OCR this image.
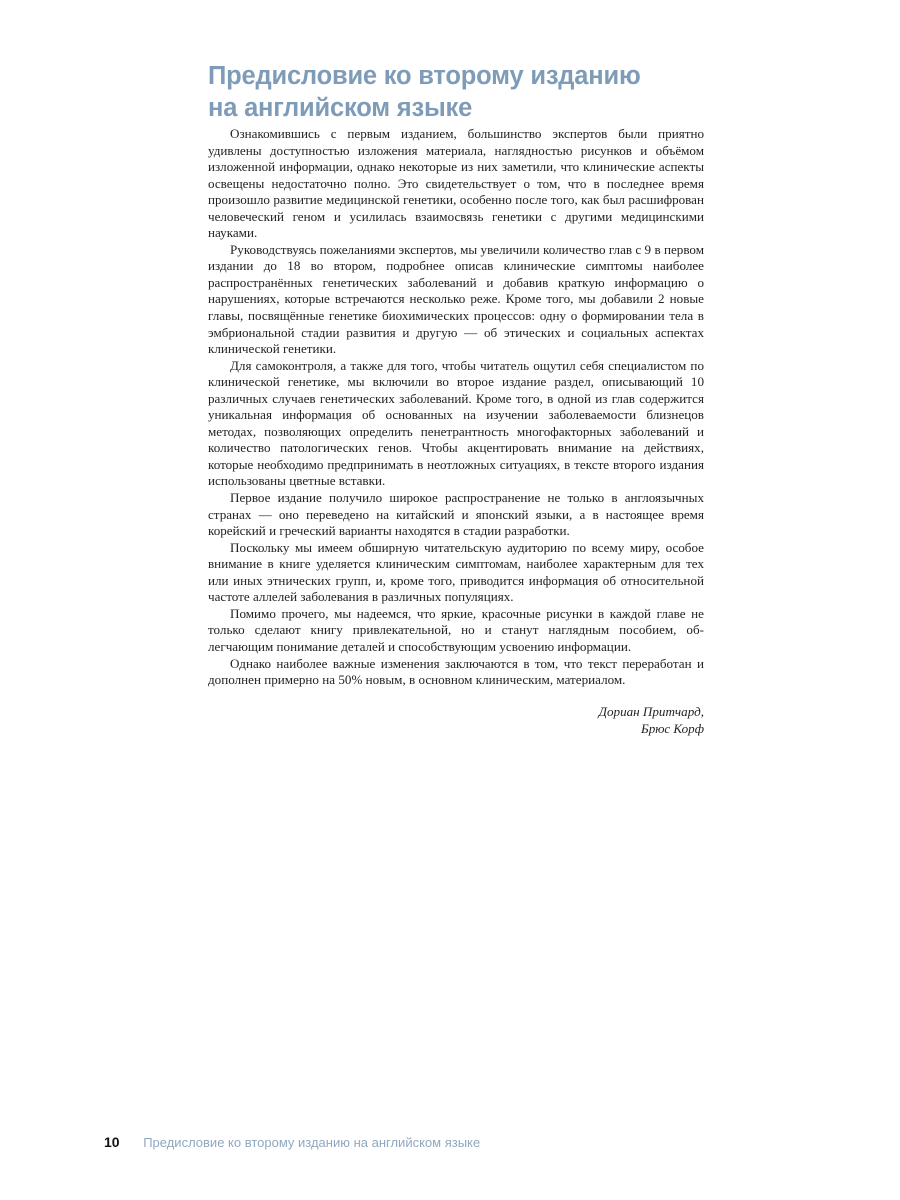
Предисловие ко второму изданию
на английском языке

Ознакомившись с первым изданием, большинство экспертов были приятно удивлены доступностью изложения материала, наглядностью рисунков и объёмом изложенной информации, однако некоторые из них заметили, что клинические аспекты освещены недостаточно полно. Это свидетельствует о том, что в последнее время произошло развитие медицинской генетики, особенно после того, как был расшифрован человеческий геном и усилилась взаимосвязь генетики с другими медицинскими науками.

Руководствуясь пожеланиями экспертов, мы увеличили количество глав с 9 в первом издании до 18 во втором, подробнее описав клинические симптомы наиболее распространённых генетических заболеваний и добавив краткую информацию о нарушениях, которые встречаются несколько реже. Кроме того, мы добавили 2 новые главы, посвящённые генетике биохимических процессов: одну о формировании тела в эмбриональной стадии развития и другую — об этических и социальных аспектах клинической генетики.

Для самоконтроля, а также для того, чтобы читатель ощутил себя специалистом по клинической генетике, мы включили во второе издание раздел, описывающий 10 различных случаев генетических заболеваний. Кроме того, в одной из глав содержится уникальная информация об основанных на изучении заболеваемости близнецов методах, позволяющих определить пенетрантность многофакторных заболеваний и количество патологических генов. Чтобы акцентировать внимание на действиях, которые необходимо предпринимать в неотложных ситуациях, в тексте второго издания использованы цветные вставки.

Первое издание получило широкое распространение не только в англоязычных странах — оно переведено на китайский и японский языки, а в настоящее время корейский и греческий варианты находятся в стадии разработки.

Поскольку мы имеем обширную читательскую аудиторию по всему миру, особое внимание в книге уделяется клиническим симптомам, наиболее характерным для тех или иных этнических групп, и, кроме того, приводится информация об относительной частоте аллелей заболевания в различных популяциях.

Помимо прочего, мы надеемся, что яркие, красочные рисунки в каждой главе не только сделают книгу привлекательной, но и станут наглядным пособием, облегчающим понимание деталей и способствующим усвоению информации.

Однако наиболее важные изменения заключаются в том, что текст переработан и дополнен примерно на 50% новым, в основном клиническим, материалом.

Дориан Притчард,
Брюс Корф
10 Предисловие ко второму изданию на английском языке
